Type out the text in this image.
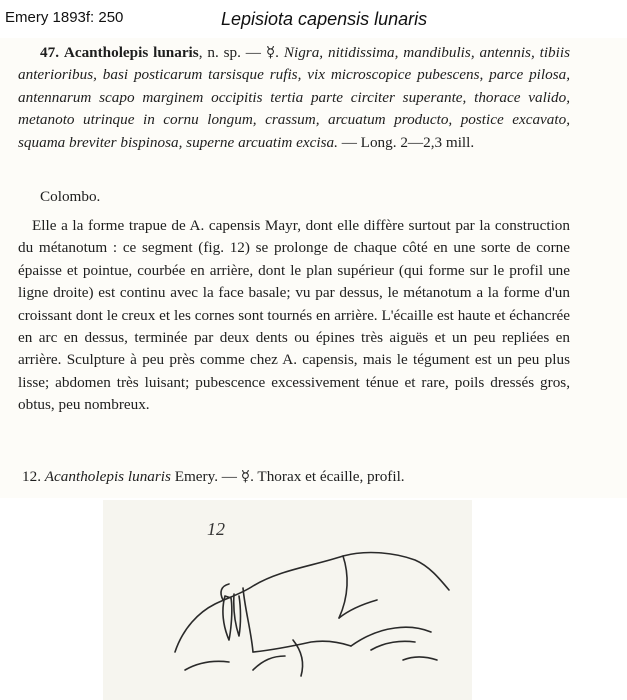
Emery 1893f: 250	Lepisiota capensis lunaris
47. Acantholepis lunaris, n. sp. — ☿. Nigra, nitidissima, mandibulis, antennis, tibiis anterioribus, basi posticarum tarsisque rufis, vix microscopice pubescens, parce pilosa, antennarum scapo marginem occipitis tertia parte circiter superante, thorace valido, metanoto utrinque in cornu longum, crassum, arcuatum producto, postice excavato, squama breviter bispinosa, superne arcuatim excisa. — Long. 2—2,3 mill.
Colombo.
Elle a la forme trapue de A. capensis Mayr, dont elle diffère surtout par la construction du métanotum : ce segment (fig. 12) se prolonge de chaque côté en une sorte de corne épaisse et pointue, courbée en arrière, dont le plan supérieur (qui forme sur le profil une ligne droite) est continu avec la face basale; vu par dessus, le métanotum a la forme d'un croissant dont le creux et les cornes sont tournés en arrière. L'écaille est haute et échancrée en arc en dessus, terminée par deux dents ou épines très aiguës et un peu repliées en arrière. Sculpture à peu près comme chez A. capensis, mais le tégument est un peu plus lisse; abdomen très luisant; pubescence excessivement ténue et rare, poils dressés gros, obtus, peu nombreux.
12. Acantholepis lunaris Emery. — ☿. Thorax et écaille, profil.
12
